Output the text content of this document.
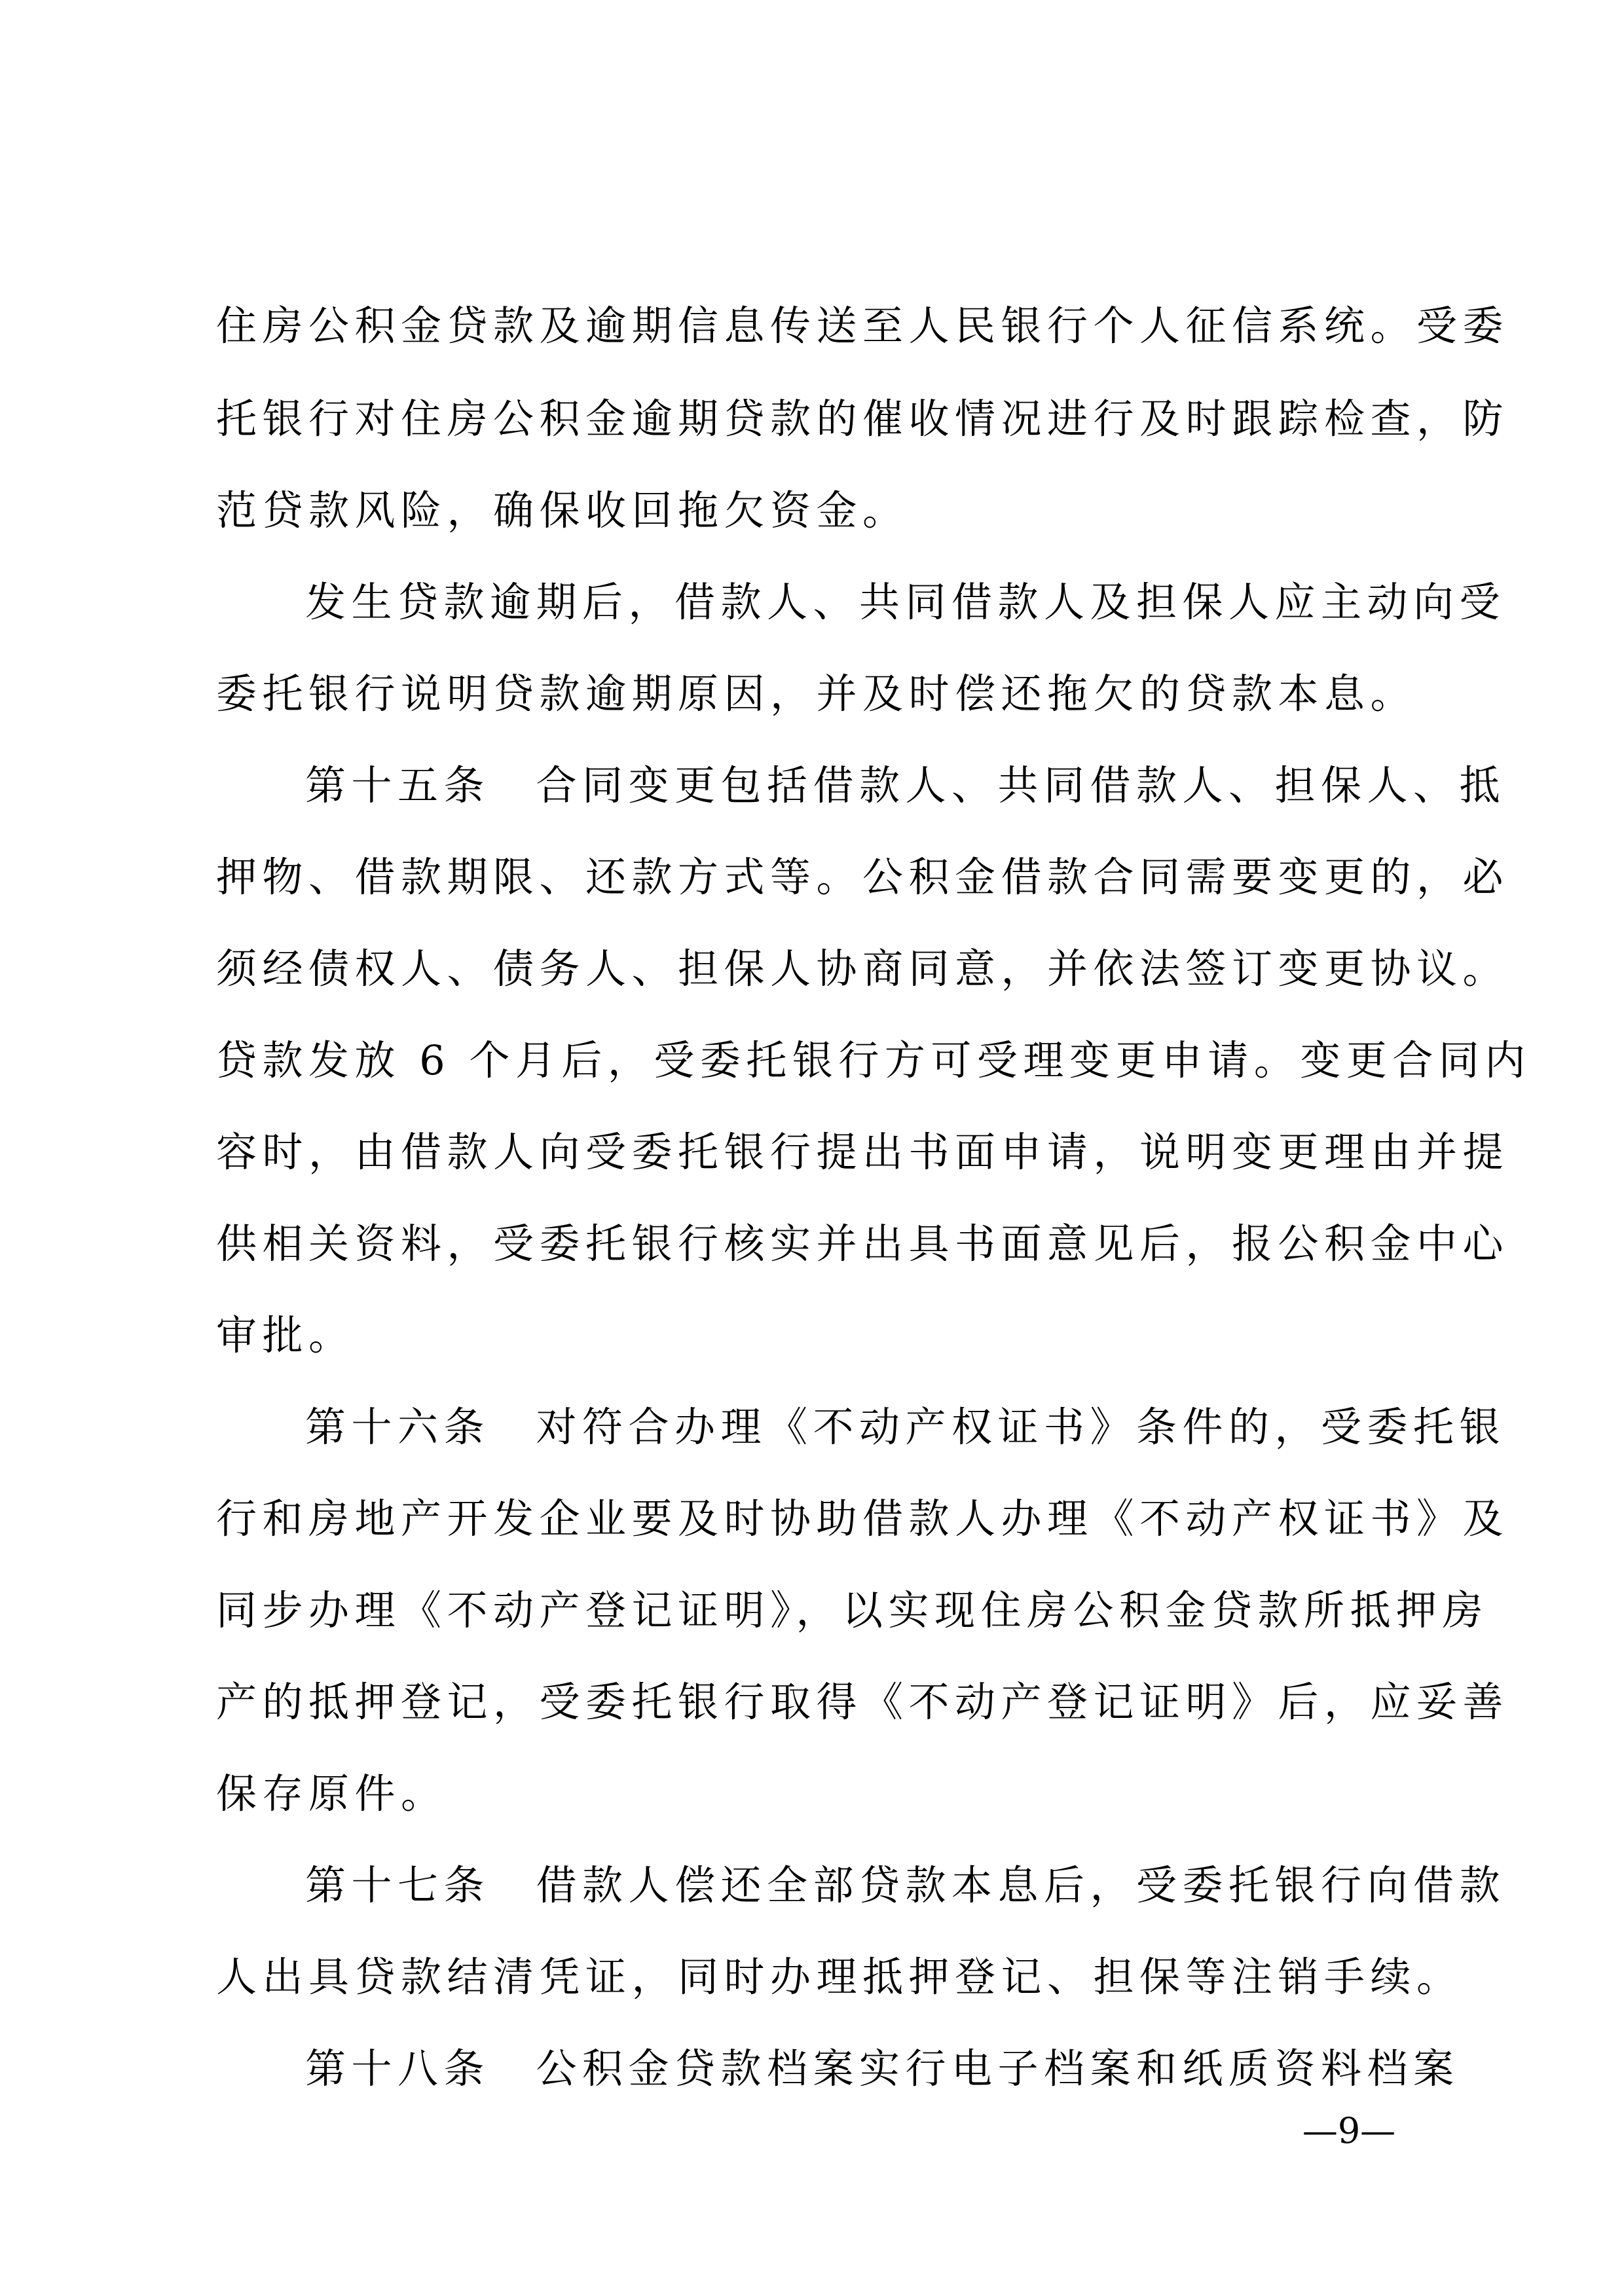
住房公积金贷款及逾期信息传送至人民银行个人征信系统。受委
托银行对住房公积金逾期贷款的催收情况进行及时跟踪检查，防
范贷款风险，确保收回拖欠资金。
发生贷款逾期后，借款人、共同借款人及担保人应主动向受
委托银行说明贷款逾期原因，并及时偿还拖欠的贷款本息。
第十五条　合同变更包括借款人、共同借款人、担保人、抵
押物、借款期限、还款方式等。公积金借款合同需要变更的，必
须经债权人、债务人、担保人协商同意，并依法签订变更协议。
贷款发放 6 个月后，受委托银行方可受理变更申请。变更合同内
容时，由借款人向受委托银行提出书面申请，说明变更理由并提
供相关资料，受委托银行核实并出具书面意见后，报公积金中心
审批。
第十六条　对符合办理《不动产权证书》条件的，受委托银
行和房地产开发企业要及时协助借款人办理《不动产权证书》及
同步办理《不动产登记证明》，以实现住房公积金贷款所抵押房
产的抵押登记，受委托银行取得《不动产登记证明》后，应妥善
保存原件。
第十七条　借款人偿还全部贷款本息后，受委托银行向借款
人出具贷款结清凭证，同时办理抵押登记、担保等注销手续。
第十八条　公积金贷款档案实行电子档案和纸质资料档案
—9—
